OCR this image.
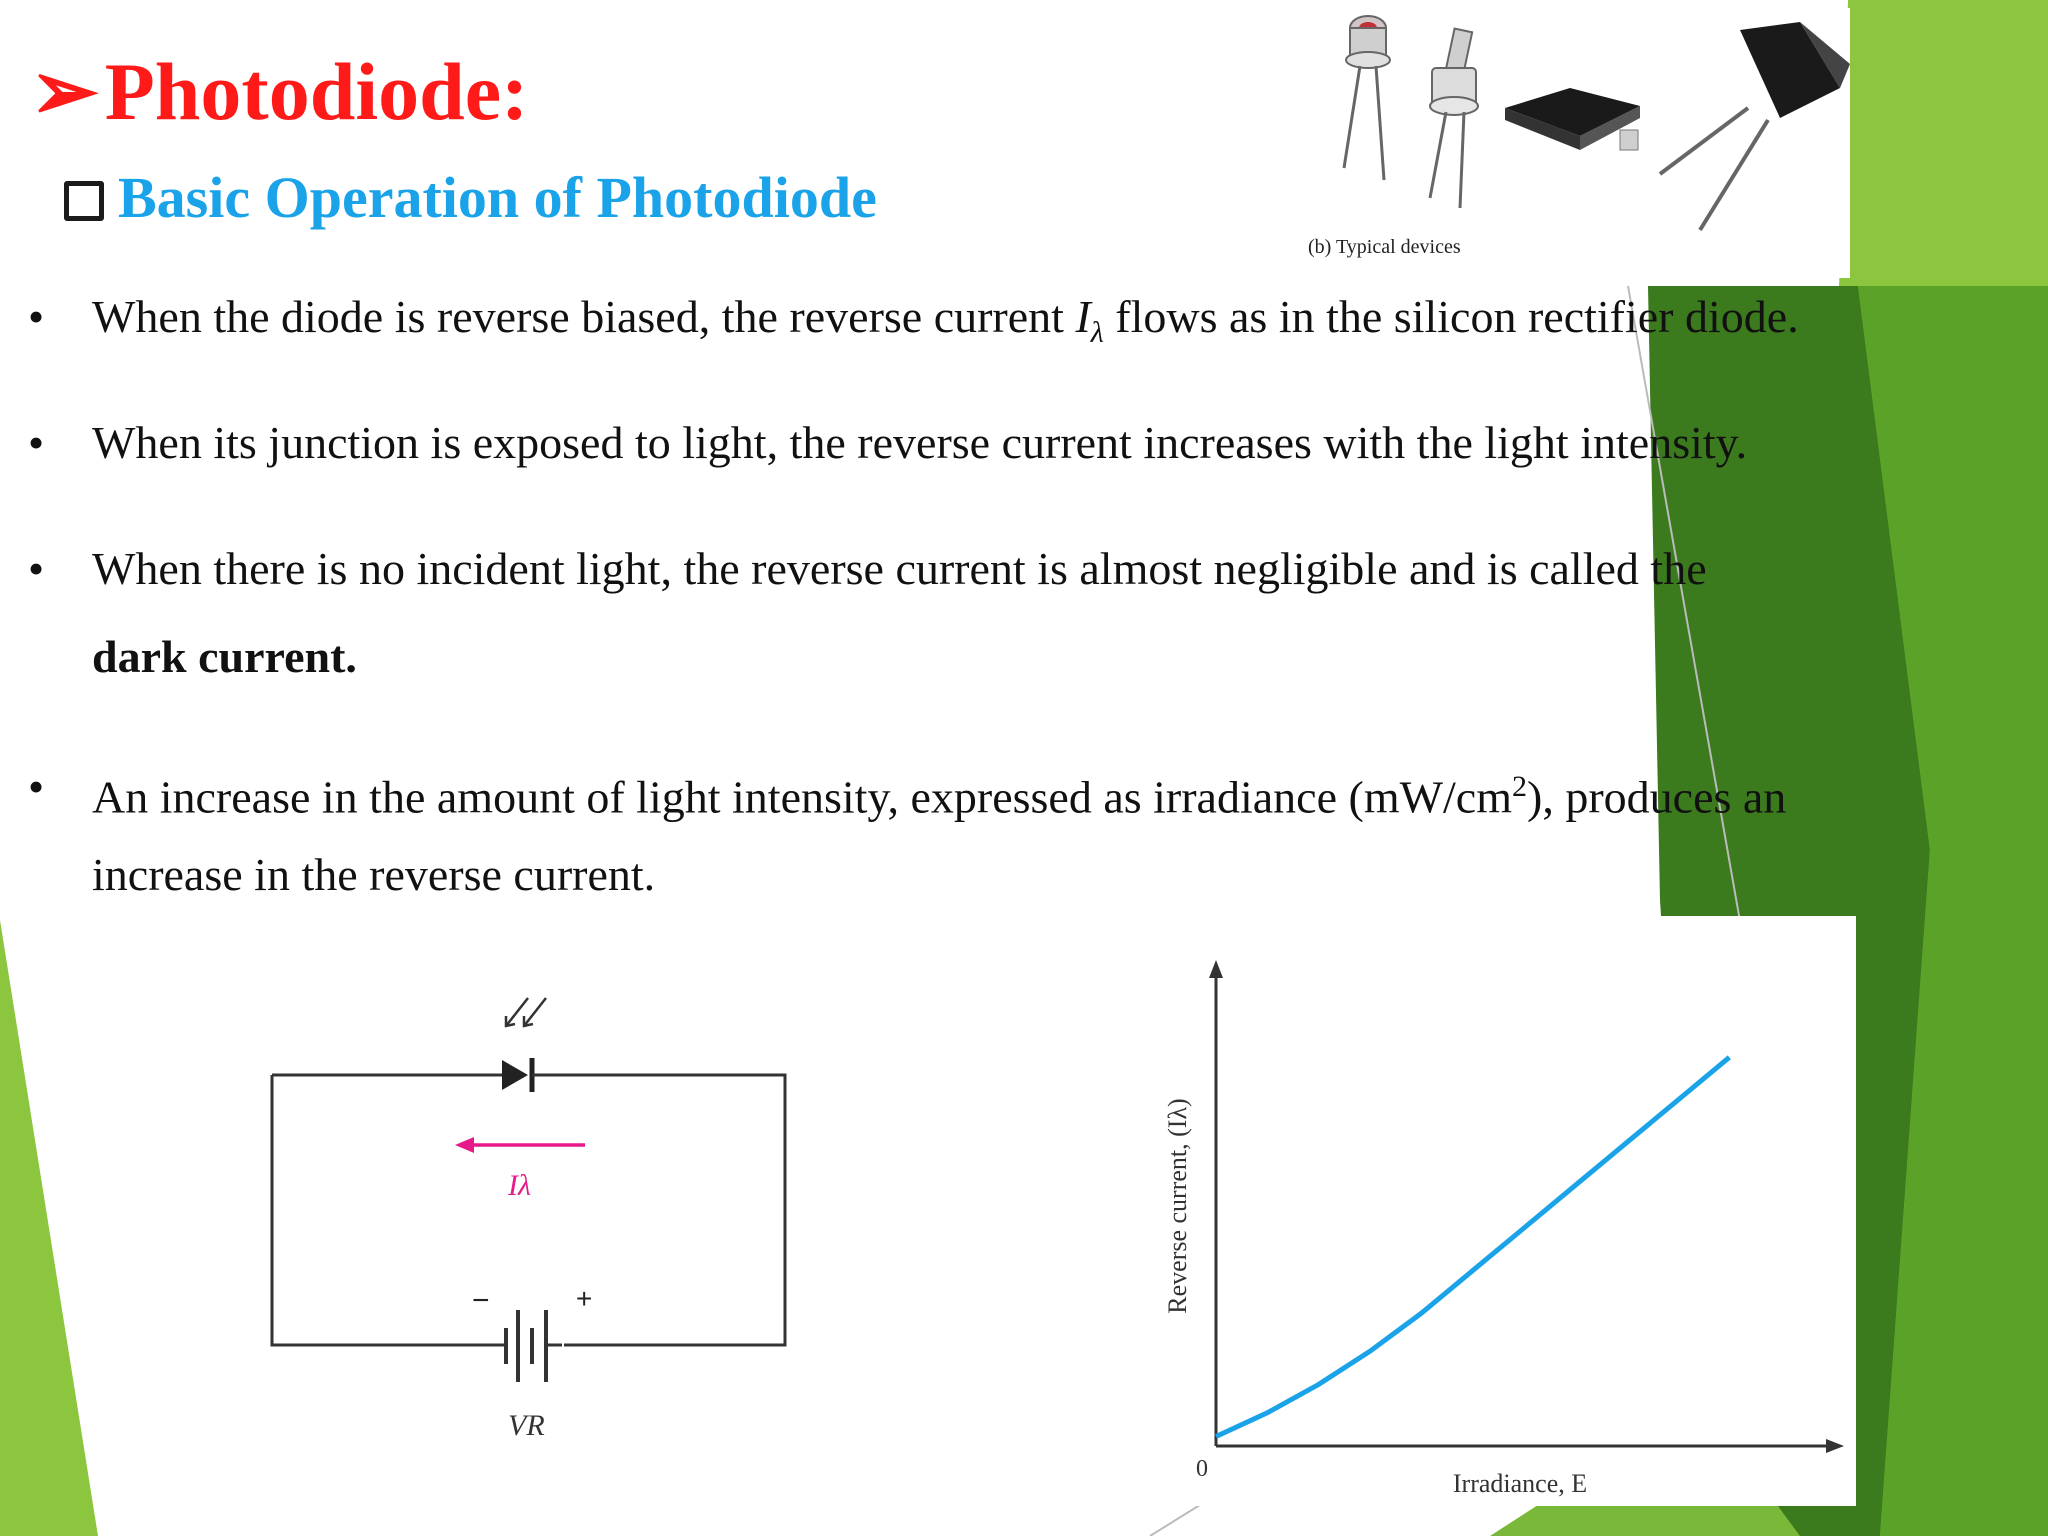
(b) Typical devices
➢Photodiode:
Basic Operation of Photodiode
•	When the diode is reverse biased, the reverse current $I_\lambda$ flows as in the silicon rectifier diode.
•	When its junction is exposed to light, the reverse current increases with the light intensity.
•	When there is no incident light, the reverse current is almost negligible and is called the
dark current.
•	An increase in the amount of light intensity, expressed as irradiance $(mW/cm^2)$, produces an
increase in the reverse current.
Iλ
−	+
VR
Reverse current, (Iλ)
Irradiance, E
0
